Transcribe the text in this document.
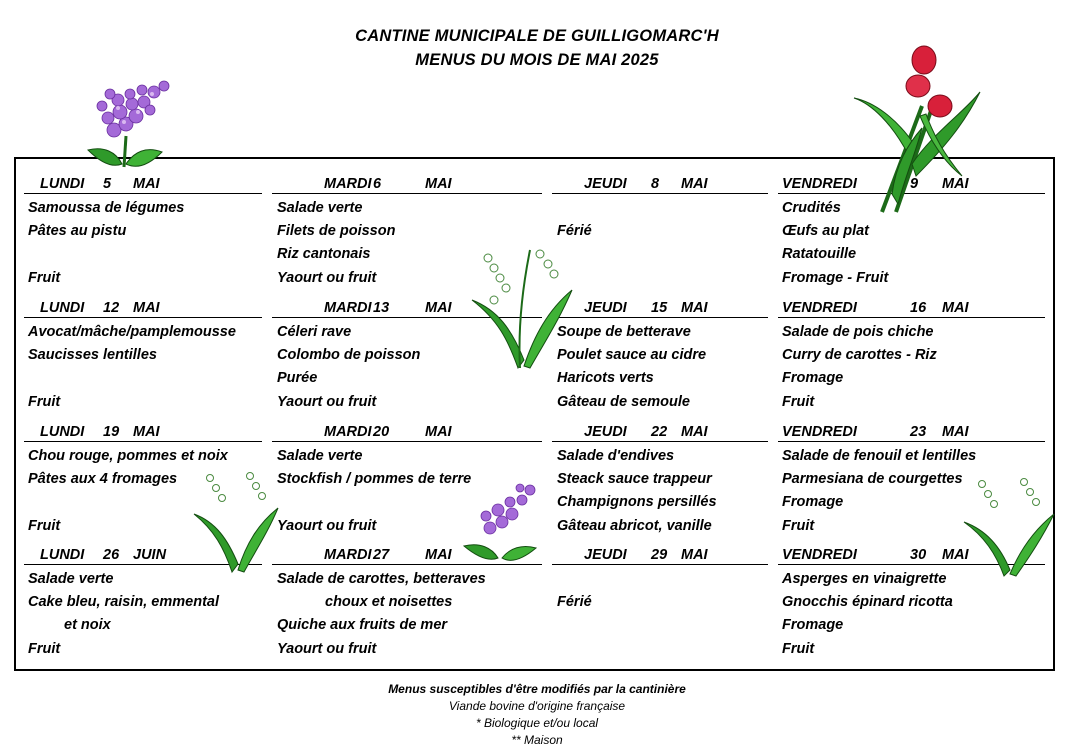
CANTINE MUNICIPALE DE GUILLIGOMARC'H
MENUS DU MOIS DE MAI 2025
LUNDI 5 MAI
Samoussa de légumes
Pâtes au pistu
Fruit
MARDI 6	MAI
Salade verte
Filets de poisson
Riz cantonais
Yaourt ou fruit
JEUDI 8 MAI
Férié
VENDREDI	9 MAI
Crudités
Œufs au plat
Ratatouille
Fromage - Fruit
LUNDI 12 MAI
Avocat/mâche/pamplemousse
Saucisses lentilles
Fruit
MARDI 13 MAI
Céleri rave
Colombo de poisson
Purée
Yaourt ou fruit
JEUDI 15 MAI
Soupe de betterave
Poulet sauce au cidre
Haricots verts
Gâteau de semoule
VENDREDI	16 MAI
Salade de pois chiche
Curry de carottes - Riz
Fromage
Fruit
LUNDI 19 MAI
Chou rouge, pommes et noix
Pâtes aux 4 fromages
Fruit
MARDI 20 MAI
Salade verte
Stockfish / pommes de terre
Yaourt ou fruit
JEUDI 22 MAI
Salade d'endives
Steack sauce trappeur
Champignons persillés
Gâteau abricot, vanille
VENDREDI	23 MAI
Salade de fenouil et lentilles
Parmesiana de courgettes
Fromage
Fruit
LUNDI 26 JUIN
Salade verte
Cake bleu, raisin, emmental
et noix
Fruit
MARDI 27 MAI
Salade de carottes, betteraves
choux et noisettes
Quiche aux fruits de mer
Yaourt ou fruit
JEUDI 29 MAI
Férié
VENDREDI	30 MAI
Asperges en vinaigrette
Gnocchis épinard ricotta
Fromage
Fruit
Menus susceptibles d'être modifiés par la cantinière
Viande bovine d'origine française
* Biologique et/ou local
** Maison
